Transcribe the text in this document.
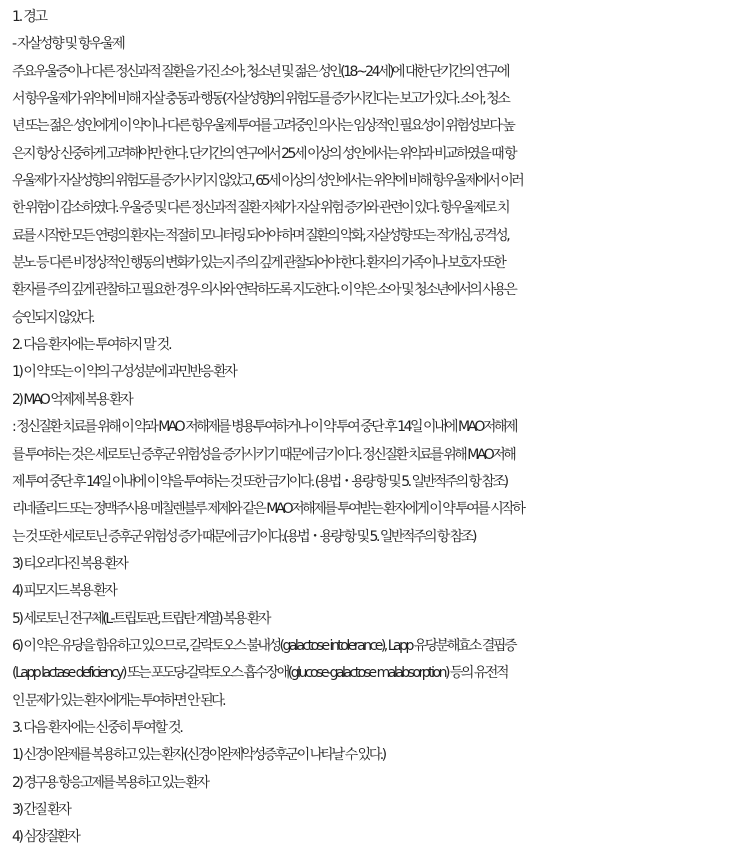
1. 경고
- 자살성향 및 항우울제
주요우울증이나 다른 정신과적 질환을 가진 소아, 청소년 및 젊은 성인(18~24세)에 대한 단기간의 연구에
서 항우울제가 위약에 비해 자살 충동과 행동(자살성향)의 위험도를 증가시킨다는 보고가 있다. 소아, 청소
년 또는 젊은 성인에게 이 약이나 다른 항우울제 투여를 고려중인 의사는 임상적인 필요성이 위험성보다 높
은지 항상 신중하게 고려해야만 한다. 단기간의 연구에서 25세 이상의 성인에서는 위약과 비교하였을 때 항
우울제가 자살성향의 위험도를 증가시키지 않았고, 65세 이상의 성인에서는 위약에 비해 항우울제에서 이러
한 위험이 감소하였다. 우울증 및 다른 정신과적 질환 자체가 자살 위험 증가와 관련이 있다. 항우울제로 치
료를 시작한 모든 연령의 환자는 적절히 모니터링 되어야 하며 질환의 악화, 자살성향 또는 적개심, 공격성,
분노 등 다른 비정상적인 행동의 변화가 있는지 주의 깊게 관찰되어야 한다. 환자의 가족이나 보호자 또한
환자를 주의 깊게 관찰하고 필요한 경우 의사와 연락하도록 지도한다. 이 약은 소아 및 청소년에서의 사용은
승인되지 않았다.
2. 다음 환자에는 투여하지 말 것.
1) 이 약 또는 이 약의 구성성분에 과민반응 환자
2) MAO 억제제 복용 환자
: 정신질환 치료를 위해 이 약과 MAO 저해제를 병용투여하거나 이 약 투여 중단 후 14일 이내에 MAO저해제
를 투여하는 것은 세로토닌 증후군 위험성을 증가시키기 때문에 금기이다. 정신질환 치료를 위해 MAO저해
제 투여 중단 후 14일 이내에 이 약을 투여하는 것 또한 금기이다. (용법・용량 항 및 5. 일반적주의 항 참조)
리네졸리드 또는 정맥주사용 메칠렌블루 제제와 같은 MAO저해제를 투여받는 환자에게 이 약 투여를 시작하
는 것 또한 세로토닌 증후군 위험성 증가 때문에 금기이다.(용법・용량 항 및 5. 일반적주의 항 참조)
3) 티오리다진 복용 환자
4) 피모지드 복용 환자
5) 세로토닌 전구체(L-트립토판, 트립탄 계열) 복용 환자
6) 이 약은 유당을 함유하고 있으므로, 갈락토오스 불내성(galactose intolerance), Lapp 유당분해효소 결핍증
(Lapp lactase deficiency) 또는 포도당-갈락토오스 흡수장애(glucose-galactose malabsorption) 등의 유전적
인 문제가 있는 환자에게는 투여하면 안 된다.
3. 다음 환자에는 신중히 투여할 것.
1) 신경이완제를 복용하고 있는 환자(신경이완제악성증후군이 나타날 수 있다.)
2) 경구용 항응고제를 복용하고 있는 환자
3) 간질 환자
4) 심장질환자
